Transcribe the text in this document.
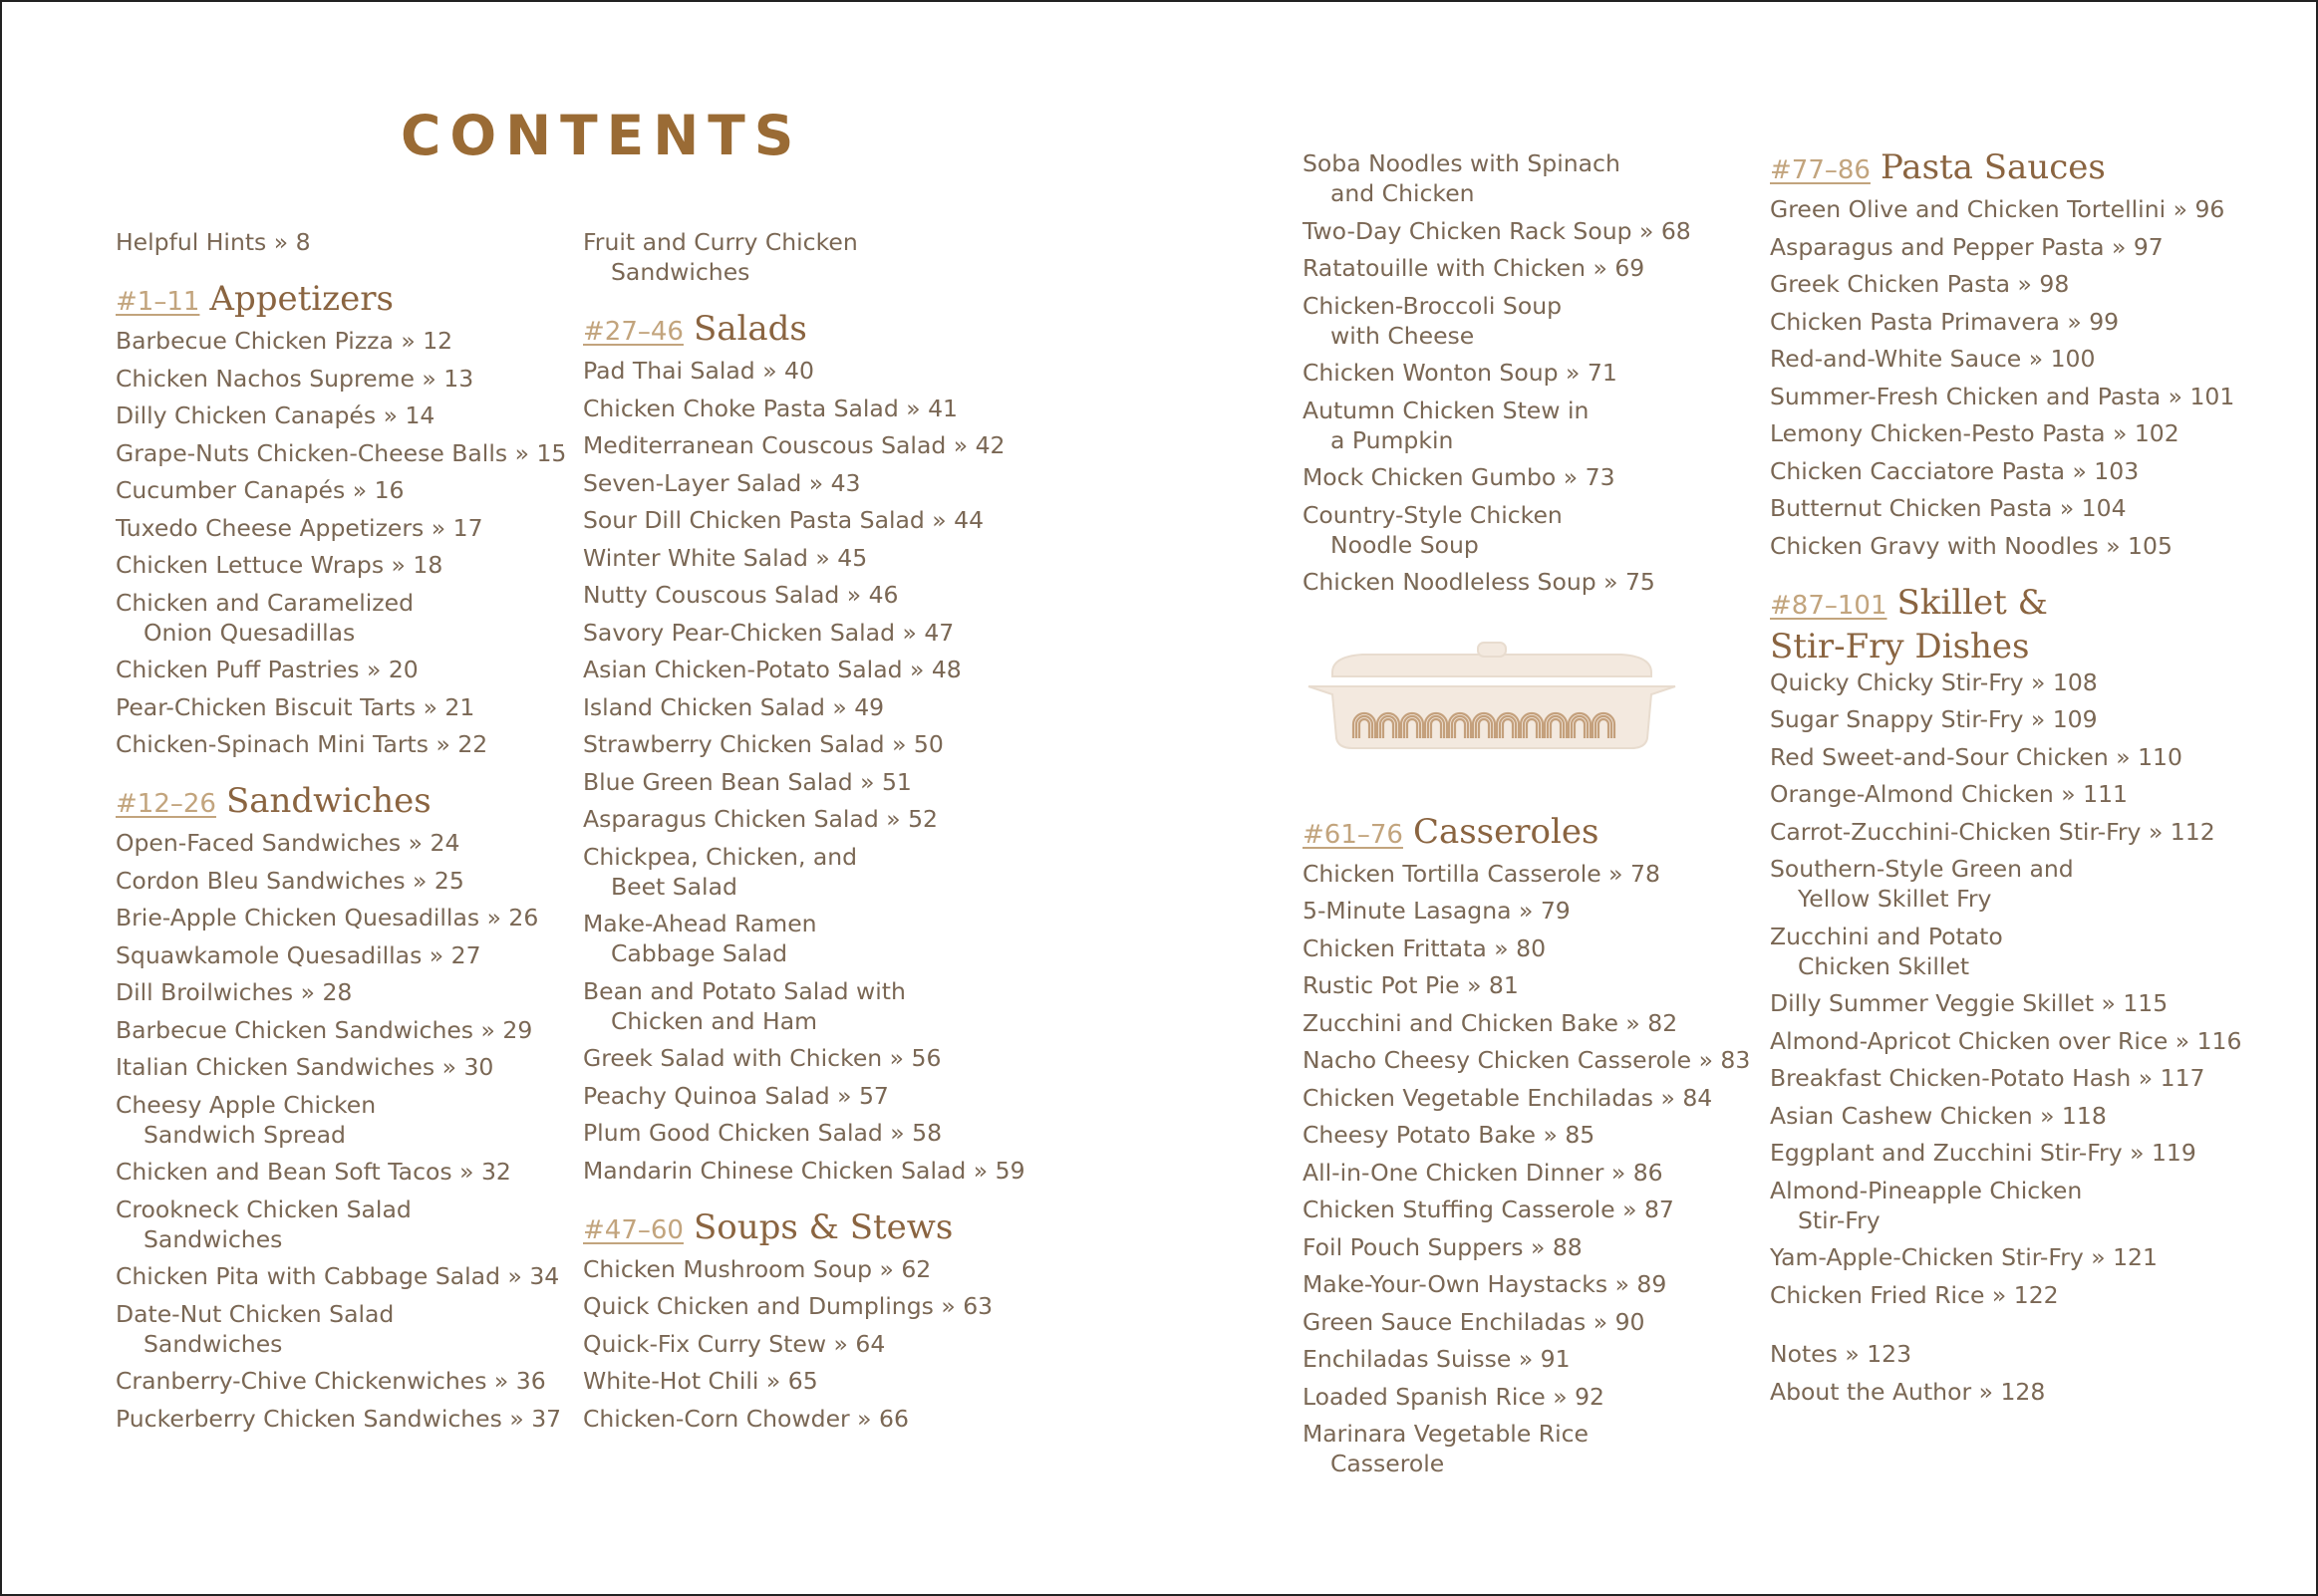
CONTENTS
Helpful Hints » 8
#1–11 Appetizers
Barbecue Chicken Pizza » 12
Chicken Nachos Supreme » 13
Dilly Chicken Canapés » 14
Grape-Nuts Chicken-Cheese Balls » 15
Cucumber Canapés » 16
Tuxedo Cheese Appetizers » 17
Chicken Lettuce Wraps » 18
Chicken and Caramelized
Onion Quesadillas
Chicken Puff Pastries » 20
Pear-Chicken Biscuit Tarts » 21
Chicken-Spinach Mini Tarts » 22
#12–26 Sandwiches
Open-Faced Sandwiches » 24
Cordon Bleu Sandwiches » 25
Brie-Apple Chicken Quesadillas » 26
Squawkamole Quesadillas » 27
Dill Broilwiches » 28
Barbecue Chicken Sandwiches » 29
Italian Chicken Sandwiches » 30
Cheesy Apple Chicken
Sandwich Spread
Chicken and Bean Soft Tacos » 32
Crookneck Chicken Salad
Sandwiches
Chicken Pita with Cabbage Salad » 34
Date-Nut Chicken Salad
Sandwiches
Cranberry-Chive Chickenwiches » 36
Puckerberry Chicken Sandwiches » 37
Fruit and Curry Chicken
Sandwiches
#27–46 Salads
Pad Thai Salad » 40
Chicken Choke Pasta Salad » 41
Mediterranean Couscous Salad » 42
Seven-Layer Salad » 43
Sour Dill Chicken Pasta Salad » 44
Winter White Salad » 45
Nutty Couscous Salad » 46
Savory Pear-Chicken Salad » 47
Asian Chicken-Potato Salad » 48
Island Chicken Salad » 49
Strawberry Chicken Salad » 50
Blue Green Bean Salad » 51
Asparagus Chicken Salad » 52
Chickpea, Chicken, and
Beet Salad
Make-Ahead Ramen
Cabbage Salad
Bean and Potato Salad with
Chicken and Ham
Greek Salad with Chicken » 56
Peachy Quinoa Salad » 57
Plum Good Chicken Salad » 58
Mandarin Chinese Chicken Salad » 59
#47–60 Soups & Stews
Chicken Mushroom Soup » 62
Quick Chicken and Dumplings » 63
Quick-Fix Curry Stew » 64
White-Hot Chili » 65
Chicken-Corn Chowder » 66
Soba Noodles with Spinach
and Chicken
Two-Day Chicken Rack Soup » 68
Ratatouille with Chicken » 69
Chicken-Broccoli Soup
with Cheese
Chicken Wonton Soup » 71
Autumn Chicken Stew in
a Pumpkin
Mock Chicken Gumbo » 73
Country-Style Chicken
Noodle Soup
Chicken Noodleless Soup » 75
#61–76 Casseroles
Chicken Tortilla Casserole » 78
5-Minute Lasagna » 79
Chicken Frittata » 80
Rustic Pot Pie » 81
Zucchini and Chicken Bake » 82
Nacho Cheesy Chicken Casserole » 83
Chicken Vegetable Enchiladas » 84
Cheesy Potato Bake » 85
All-in-One Chicken Dinner » 86
Chicken Stuffing Casserole » 87
Foil Pouch Suppers » 88
Make-Your-Own Haystacks » 89
Green Sauce Enchiladas » 90
Enchiladas Suisse » 91
Loaded Spanish Rice » 92
Marinara Vegetable Rice
Casserole
#77–86 Pasta Sauces
Green Olive and Chicken Tortellini » 96
Asparagus and Pepper Pasta » 97
Greek Chicken Pasta » 98
Chicken Pasta Primavera » 99
Red-and-White Sauce » 100
Summer-Fresh Chicken and Pasta » 101
Lemony Chicken-Pesto Pasta » 102
Chicken Cacciatore Pasta » 103
Butternut Chicken Pasta » 104
Chicken Gravy with Noodles » 105
#87–101 Skillet &
Stir-Fry Dishes
Quicky Chicky Stir-Fry » 108
Sugar Snappy Stir-Fry » 109
Red Sweet-and-Sour Chicken » 110
Orange-Almond Chicken » 111
Carrot-Zucchini-Chicken Stir-Fry » 112
Southern-Style Green and
Yellow Skillet Fry
Zucchini and Potato
Chicken Skillet
Dilly Summer Veggie Skillet » 115
Almond-Apricot Chicken over Rice » 116
Breakfast Chicken-Potato Hash » 117
Asian Cashew Chicken » 118
Eggplant and Zucchini Stir-Fry » 119
Almond-Pineapple Chicken
Stir-Fry
Yam-Apple-Chicken Stir-Fry » 121
Chicken Fried Rice » 122
Notes » 123
About the Author » 128
